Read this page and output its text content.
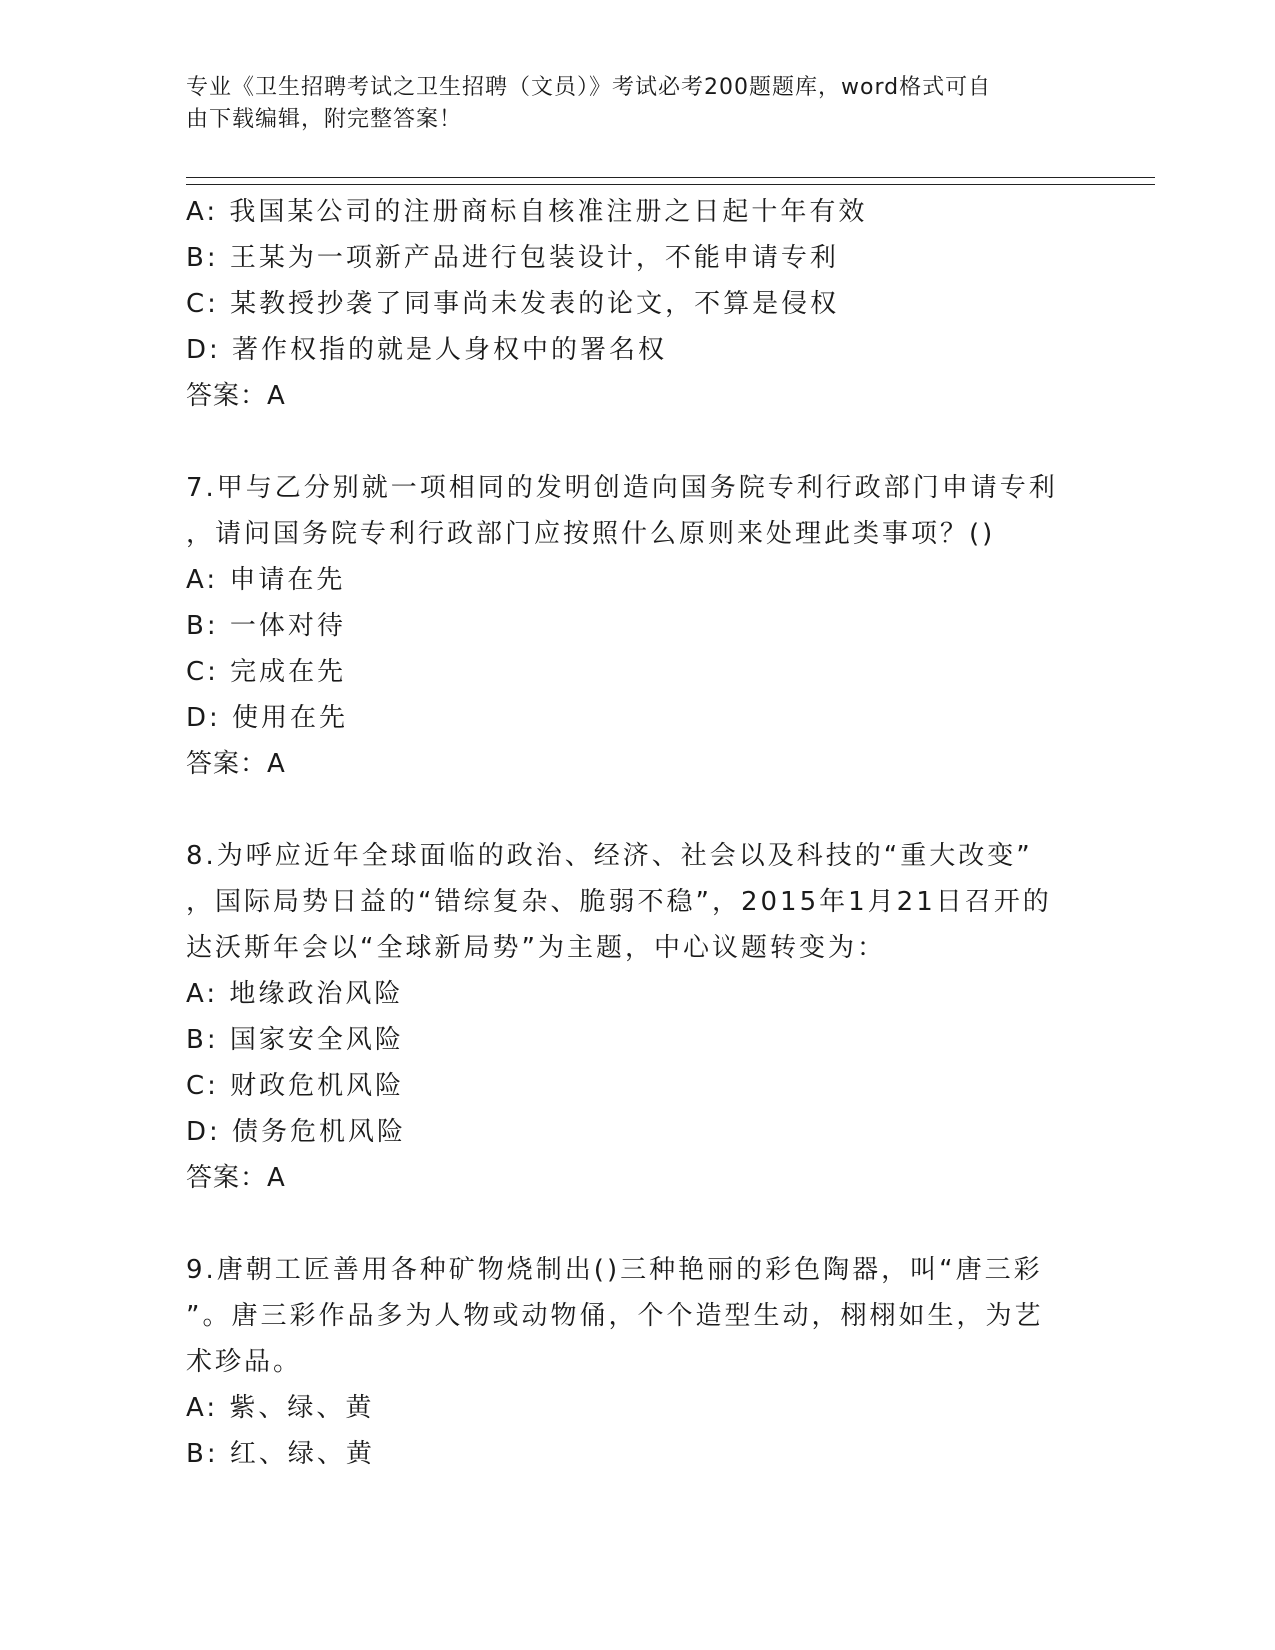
专业《卫生招聘考试之卫生招聘（文员）》考试必考200题题库，word格式可自
由下载编辑，附完整答案！
A: 我国某公司的注册商标自核准注册之日起十年有效
B: 王某为一项新产品进行包装设计，不能申请专利
C: 某教授抄袭了同事尚未发表的论文，不算是侵权
D: 著作权指的就是人身权中的署名权
答案：A
7.甲与乙分别就一项相同的发明创造向国务院专利行政部门申请专利
，请问国务院专利行政部门应按照什么原则来处理此类事项？()
A: 申请在先
B: 一体对待
C: 完成在先
D: 使用在先
答案：A
8.为呼应近年全球面临的政治、经济、社会以及科技的“重大改变”
，国际局势日益的“错综复杂、脆弱不稳”，2015年1月21日召开的
达沃斯年会以“全球新局势”为主题，中心议题转变为：
A: 地缘政治风险
B: 国家安全风险
C: 财政危机风险
D: 债务危机风险
答案：A
9.唐朝工匠善用各种矿物烧制出()三种艳丽的彩色陶器，叫“唐三彩
”。唐三彩作品多为人物或动物俑，个个造型生动，栩栩如生，为艺
术珍品。
A: 紫、绿、黄
B: 红、绿、黄
